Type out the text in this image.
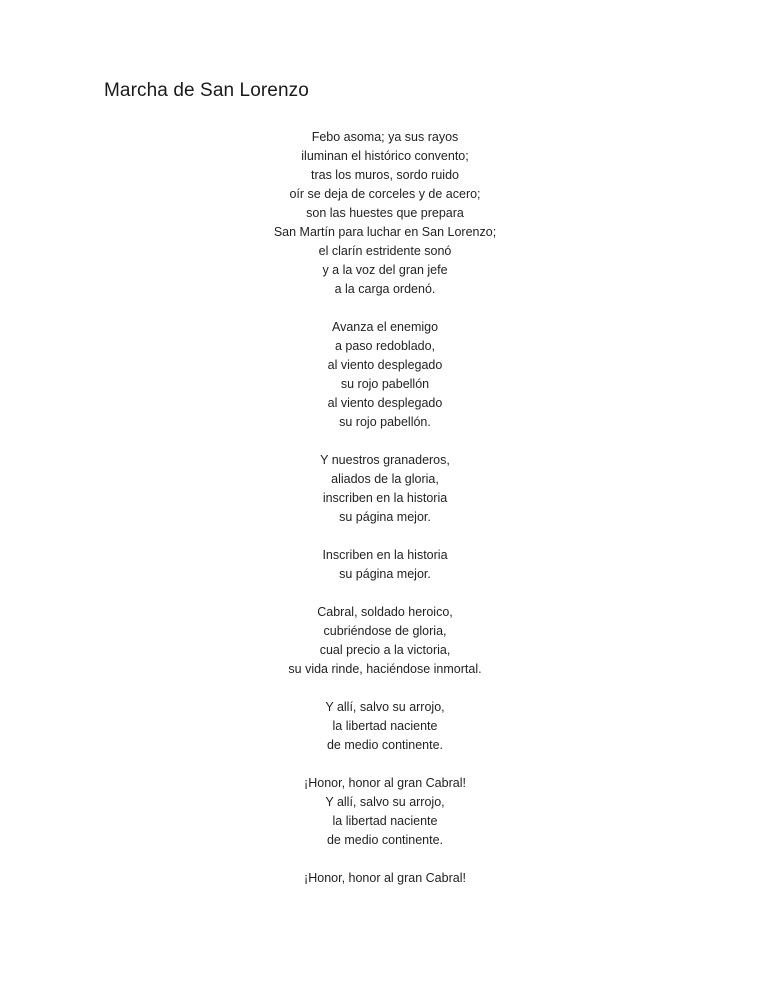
Marcha de San Lorenzo

Febo asoma; ya sus rayos
iluminan el histórico convento;
tras los muros, sordo ruido
oír se deja de corceles y de acero;
son las huestes que prepara
San Martín para luchar en San Lorenzo;
el clarín estridente sonó
y a la voz del gran jefe
a la carga ordenó.

Avanza el enemigo
a paso redoblado,
al viento desplegado
su rojo pabellón
al viento desplegado
su rojo pabellón.

Y nuestros granaderos,
aliados de la gloria,
inscriben en la historia
su página mejor.

Inscriben en la historia
su página mejor.

Cabral, soldado heroico,
cubriéndose de gloria,
cual precio a la victoria,
su vida rinde, haciéndose inmortal.

Y allí, salvo su arrojo,
la libertad naciente
de medio continente.

¡Honor, honor al gran Cabral!
Y allí, salvo su arrojo,
la libertad naciente
de medio continente.

¡Honor, honor al gran Cabral!
